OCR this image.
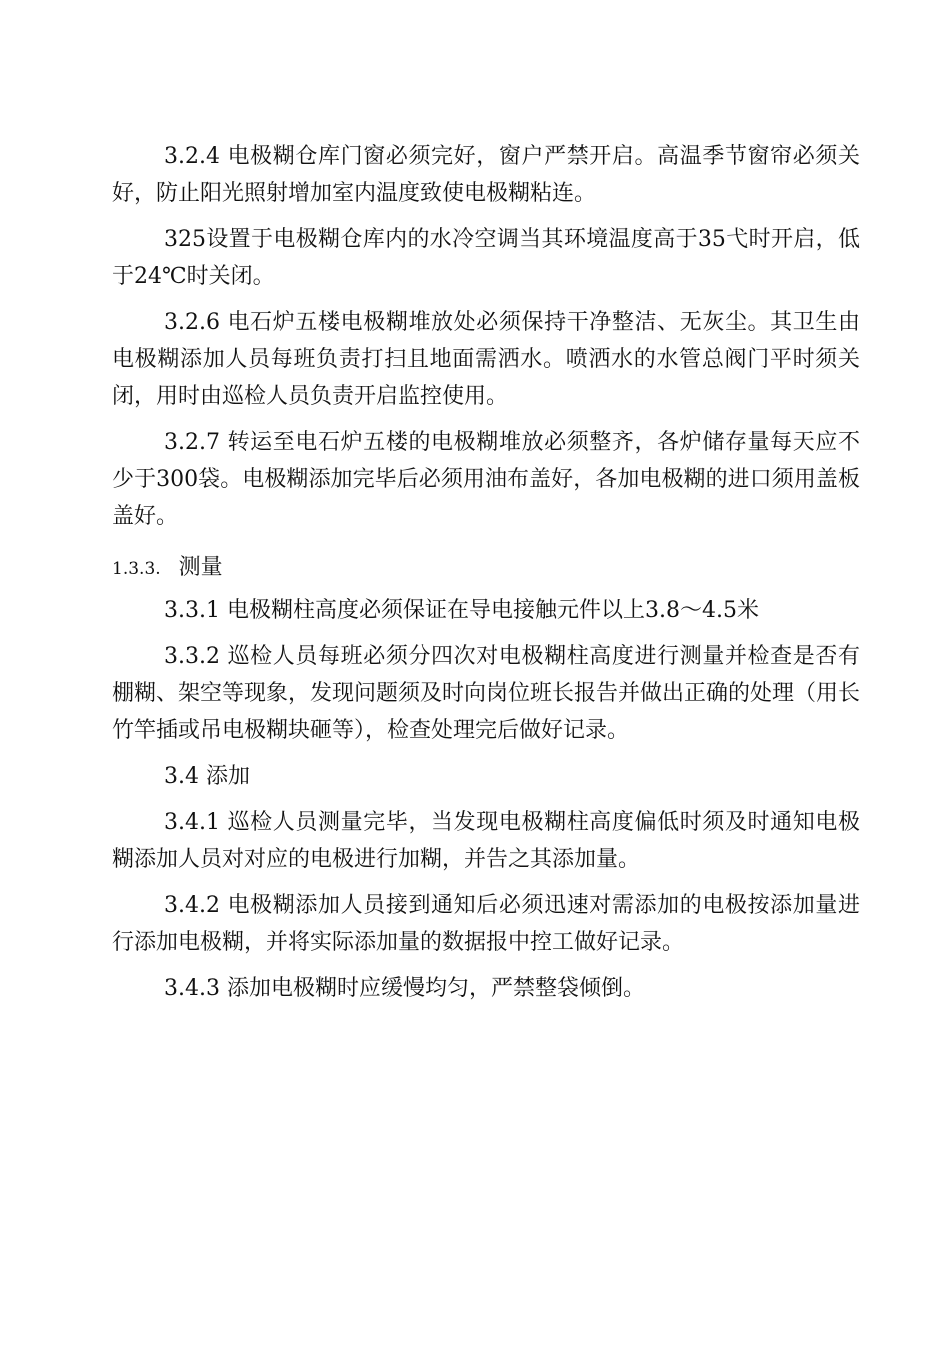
3.2.4 电极糊仓库门窗必须完好，窗户严禁开启。高温季节窗帘必须关好，防止阳光照射增加室内温度致使电极糊粘连。

325设置于电极糊仓库内的水冷空调当其环境温度高于35弋时开启，低于24℃时关闭。

3.2.6 电石炉五楼电极糊堆放处必须保持干净整洁、无灰尘。其卫生由电极糊添加人员每班负责打扫且地面需洒水。喷洒水的水管总阀门平时须关闭，用时由巡检人员负责开启监控使用。

3.2.7 转运至电石炉五楼的电极糊堆放必须整齐，各炉储存量每天应不少于300袋。电极糊添加完毕后必须用油布盖好，各加电极糊的进口须用盖板盖好。

1.3.3. 测量

3.3.1 电极糊柱高度必须保证在导电接触元件以上3.8〜4.5米

3.3.2 巡检人员每班必须分四次对电极糊柱高度进行测量并检查是否有棚糊、架空等现象，发现问题须及时向岗位班长报告并做出正确的处理（用长竹竿插或吊电极糊块砸等），检查处理完后做好记录。

3.4 添加

3.4.1 巡检人员测量完毕，当发现电极糊柱高度偏低时须及时通知电极糊添加人员对对应的电极进行加糊，并告之其添加量。

3.4.2 电极糊添加人员接到通知后必须迅速对需添加的电极按添加量进行添加电极糊，并将实际添加量的数据报中控工做好记录。

3.4.3 添加电极糊时应缓慢均匀，严禁整袋倾倒。
